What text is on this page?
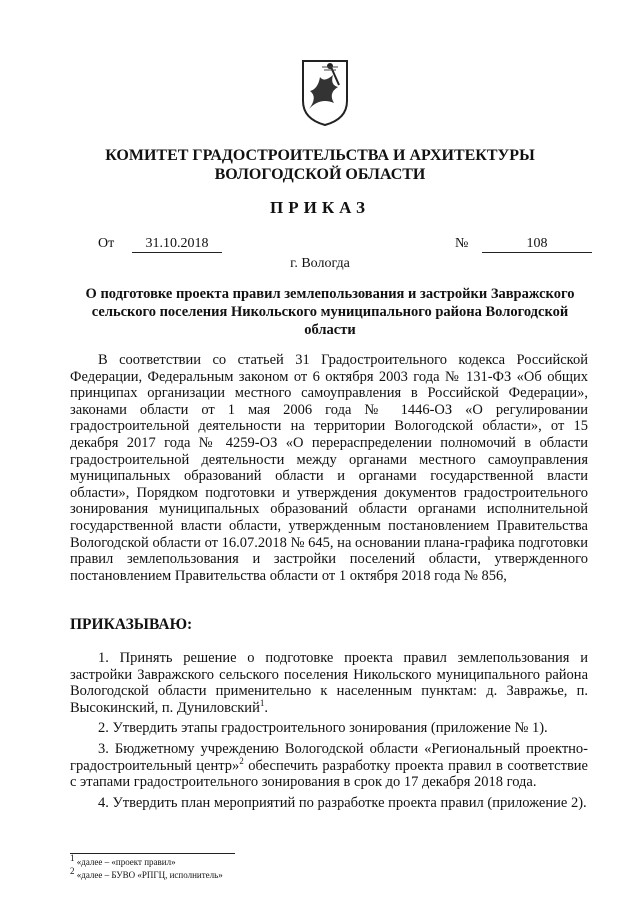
КОМИТЕТ ГРАДОСТРОИТЕЛЬСТВА И АРХИТЕКТУРЫ
ВОЛОГОДСКОЙ ОБЛАСТИ
ПРИКАЗ
От	31.10.2018	№	108
г. Вологда
О подготовке проекта правил землепользования и застройки Завражского сельского поселения Никольского муниципального района Вологодской области

В соответствии со статьей 31 Градостроительного кодекса Российской Федерации, Федеральным законом от 6 октября 2003 года № 131-ФЗ «Об общих принципах организации местного самоуправления в Российской Федерации», законами области от 1 мая 2006 года № 1446-ОЗ «О регулировании градостроительной деятельности на территории Вологодской области», от 15 декабря 2017 года № 4259-ОЗ «О перераспределении полномочий в области градостроительной деятельности между органами местного самоуправления муниципальных образований области и органами государственной власти области», Порядком подготовки и утверждения документов градостроительного зонирования муниципальных образований области органами исполнительной государственной власти области, утвержденным постановлением Правительства Вологодской области от 16.07.2018 № 645, на основании плана-графика подготовки правил землепользования и застройки поселений области, утвержденного постановлением Правительства области от 1 октября 2018 года № 856,

ПРИКАЗЫВАЮ:

1. Принять решение о подготовке проекта правил землепользования и застройки Завражского сельского поселения Никольского муниципального района Вологодской области применительно к населенным пунктам: д. Завражье, п. Высокинский, п. Дуниловский$^1$.

2. Утвердить этапы градостроительного зонирования (приложение № 1).

3. Бюджетному учреждению Вологодской области «Региональный проектно-градостроительный центр»$^2$ обеспечить разработку проекта правил в соответствие с этапами градостроительного зонирования в срок до 17 декабря 2018 года.

4. Утвердить план мероприятий по разработке проекта правил (приложение 2).

$^1$ «далее – «проект правил»
$^2$ «далее – БУВО «РПГЦ, исполнитель»
